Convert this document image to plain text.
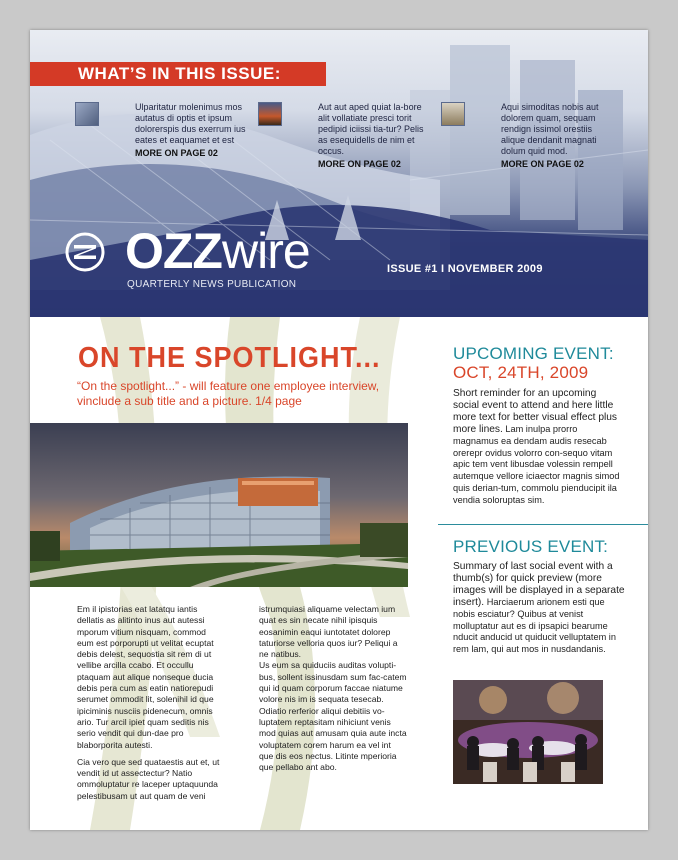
WHAT’S IN THIS ISSUE:
Ulparitatur molenimus mos autatus di optis et ipsum dolorerspis dus exerrum ius eates et eaquamet et est
MORE ON PAGE 02
Aut aut aped quiat la-bore alit vollatiate presci torit pedipid iciissi tia-tur? Pelis as esequidells de nim et occus.
MORE ON PAGE 02
Aqui simoditas nobis aut dolorem quam, sequam rendign issimol orestiis alique dendanit magnati dolum quid mod.
MORE ON PAGE 02
OZZwire
QUARTERLY NEWS PUBLICATION
ISSUE #1 I NOVEMBER 2009
ON THE SPOTLIGHT...
“On the spotlight...” - will feature one employee interview, vinclude a sub title and a picture. 1/4 page

Em il ipistorias eat latatqu iantis dellatis as alitinto inus aut autessi mporum vitium nisquam, commod eum est porporupti ut velitat ecuptat debis delest, sequostia sit rem di ut vellibe arcilla ccabo. Et occullu ptaquam aut alique nonseque ducia debis pera cum as eatin natiorepudi serumet ommodit lit, solenihil id que ipiciminis nusciis pidenecum, omnis ario. Tur arcil ipiet quam seditis nis serio vendit qui dun-dae pro blaborporita autesti.

Cia vero que sed quataestis aut et, ut vendit id ut assectectur? Natio ommoluptatur re laceper uptaquunda pelestibusam ut aut quam de veni

istrumquiasi aliquame velectam ium quat es sin necate nihil ipisquis eosanimin eaqui iuntotatet dolorep taturiorse velloria quos iur? Peliqui a ne natibus.

Us eum sa quiduciis auditas volupti-bus, sollent issinusdam sum fac-catem qui id quam corporum faccae niatume volore nis im is sequata tesecab.

Odiatio rerferior aliqui debitiis vo-luptatem reptasitam nihiciunt venis mod quias aut amusam quia aute incta voluptatem corem harum ea vel int que dis eos nectus. Litinte mperioria que pellabo ant abo.

UPCOMING EVENT:
OCT, 24TH, 2009
Short reminder for an upcoming social event to attend and here little more text for better visual effect plus more lines. Lam inulpa prorro magnamus ea dendam audis resecab orerepr ovidus volorro con-sequo vitam apic tem vent libusdae volessin rempell autemque vellore iciaector magnis simod quis derian-tum, commolu pienducipit ila vendia soloruptas sim.
PREVIOUS EVENT:
Summary of last social event with a thumb(s) for quick preview (more images will be displayed in a separate insert). Harciaerum arionem esti que nobis esciatur? Quibus at venist molluptatur aut es di ipsapici bearume nducit anducid ut quiducit velluptatem in rem lam, qui aut mos in nusdandanis.
